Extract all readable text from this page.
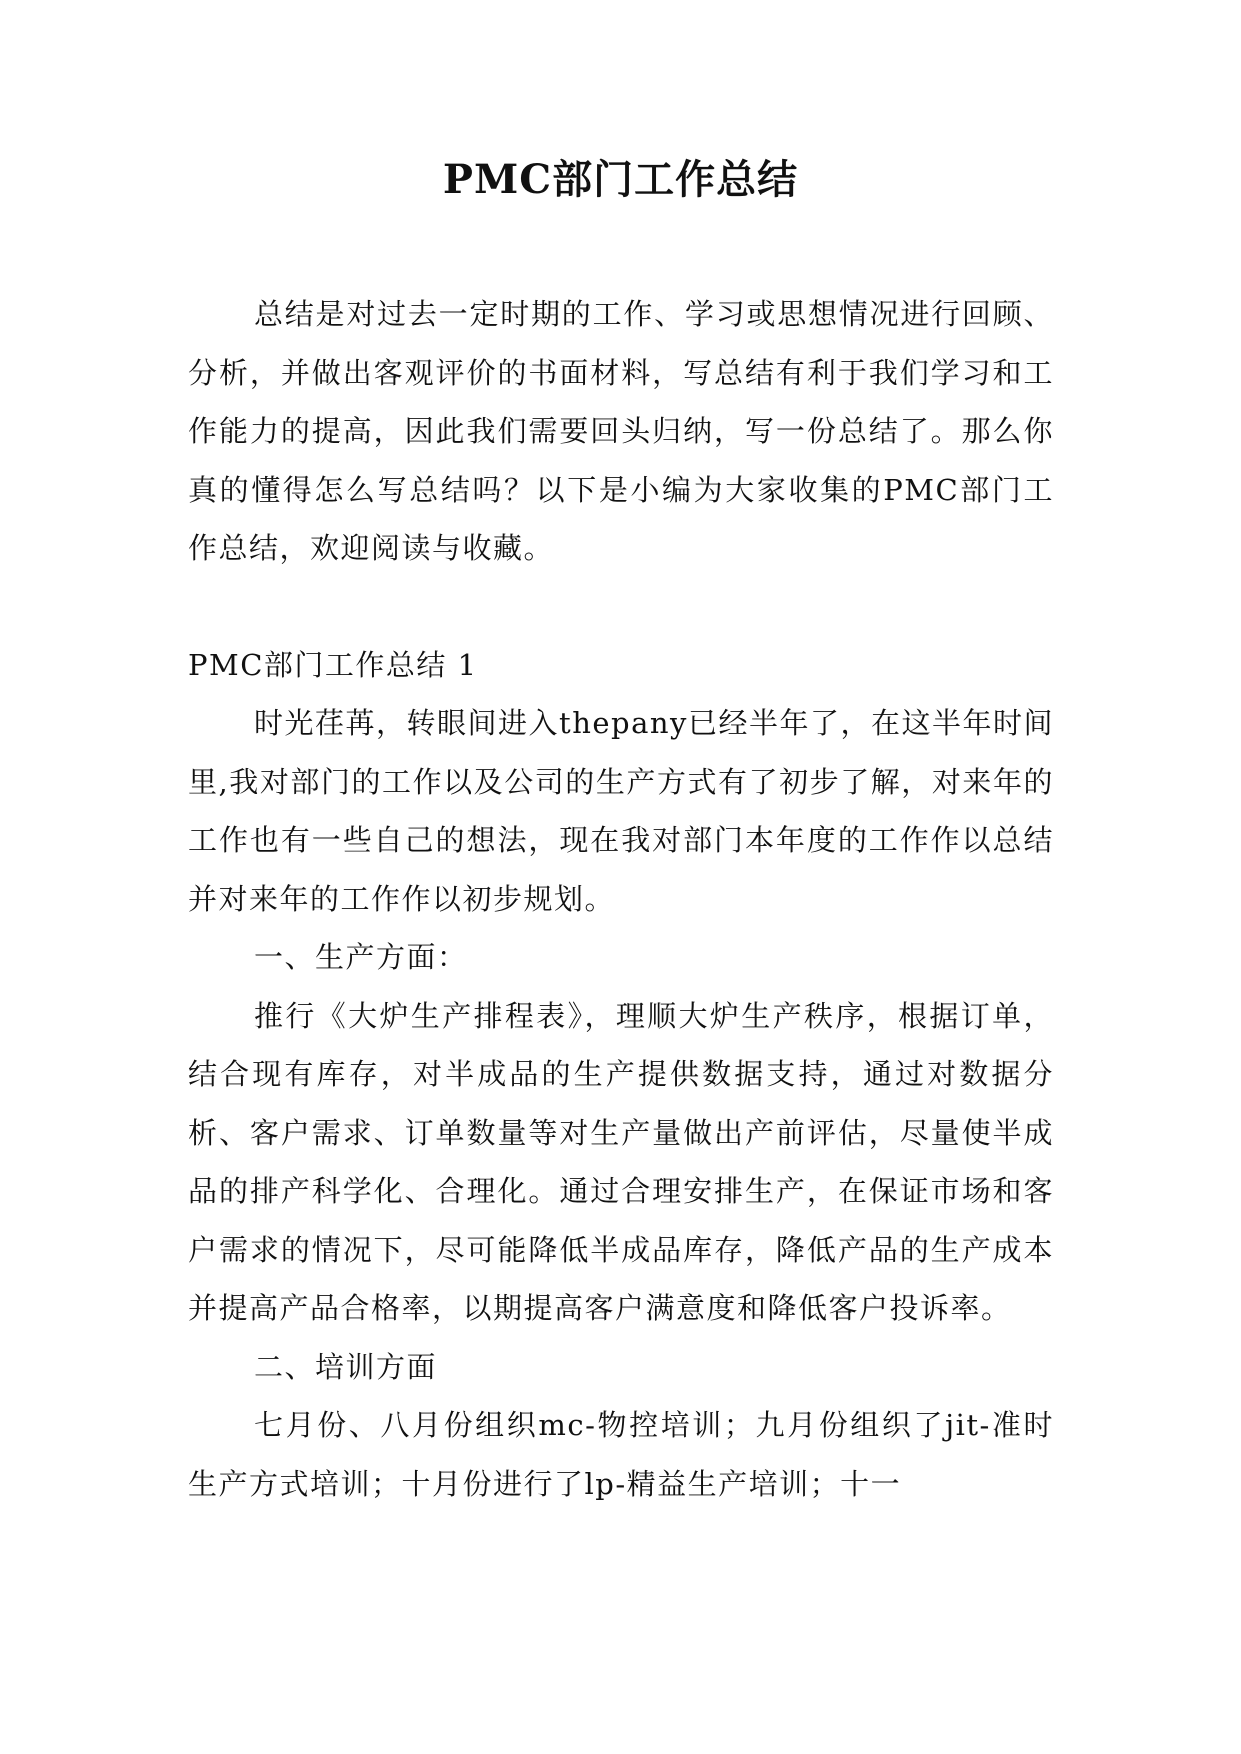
PMC部门工作总结

总结是对过去一定时期的工作、学习或思想情况进行回顾、分析，并做出客观评价的书面材料，写总结有利于我们学习和工作能力的提高，因此我们需要回头归纳，写一份总结了。那么你真的懂得怎么写总结吗？以下是小编为大家收集的PMC部门工作总结，欢迎阅读与收藏。

PMC部门工作总结 1

时光荏苒，转眼间进入thepany已经半年了，在这半年时间里,我对部门的工作以及公司的生产方式有了初步了解，对来年的工作也有一些自己的想法，现在我对部门本年度的工作作以总结并对来年的工作作以初步规划。

一、生产方面：

推行《大炉生产排程表》，理顺大炉生产秩序，根据订单，结合现有库存，对半成品的生产提供数据支持，通过对数据分析、客户需求、订单数量等对生产量做出产前评估，尽量使半成品的排产科学化、合理化。通过合理安排生产，在保证市场和客户需求的情况下，尽可能降低半成品库存，降低产品的生产成本并提高产品合格率，以期提高客户满意度和降低客户投诉率。

二、培训方面

七月份、八月份组织mc-物控培训；九月份组织了jit-准时生产方式培训；十月份进行了lp-精益生产培训；十一
